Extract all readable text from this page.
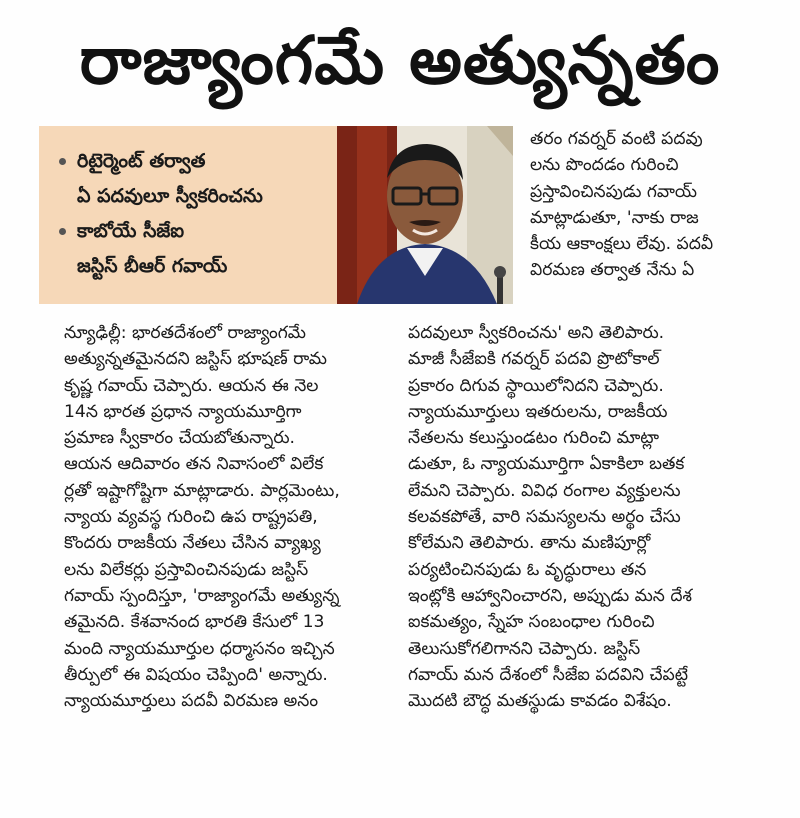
రాజ్యాంగమే అత్యున్నతం
రిటైర్మెంట్ తర్వాత
ఏ పదవులూ స్వీకరించను
కాబోయే సీజేఐ
జస్టిస్ బీఆర్ గవాయ్
తరం గవర్నర్ వంటి పదవు
లను పొందడం గురించి
ప్రస్తావించినపుడు గవాయ్
మాట్లాడుతూ, 'నాకు రాజ
కీయ ఆకాంక్షలు లేవు. పదవీ
విరమణ తర్వాత నేను ఏ
న్యూఢిల్లీ: భారతదేశంలో రాజ్యాంగమే
అత్యున్నతమైనదని జస్టిస్ భూషణ్ రామ
కృష్ణ గవాయ్ చెప్పారు. ఆయన ఈ నెల
14న భారత ప్రధాన న్యాయమూర్తిగా
ప్రమాణ స్వీకారం చేయబోతున్నారు.
ఆయన ఆదివారం తన నివాసంలో విలేక
ర్లతో ఇష్టాగోష్టిగా మాట్లాడారు. పార్లమెంటు,
న్యాయ వ్యవస్థ గురించి ఉప రాష్ట్రపతి,
కొందరు రాజకీయ నేతలు చేసిన వ్యాఖ్య
లను విలేకర్లు ప్రస్తావించినపుడు జస్టిస్
గవాయ్ స్పందిస్తూ, 'రాజ్యాంగమే అత్యున్న
తమైనది. కేశవానంద భారతి కేసులో 13
మంది న్యాయమూర్తుల ధర్మాసనం ఇచ్చిన
తీర్పులో ఈ విషయం చెప్పింది' అన్నారు.
న్యాయమూర్తులు పదవీ విరమణ అనం
పదవులూ స్వీకరించను' అని తెలిపారు.
మాజీ సీజేఐకి గవర్నర్ పదవి ప్రొటోకాల్
ప్రకారం దిగువ స్థాయిలోనిదని చెప్పారు.
న్యాయమూర్తులు ఇతరులను, రాజకీయ
నేతలను కలుస్తుండటం గురించి మాట్లా
డుతూ, ఓ న్యాయమూర్తిగా ఏకాకిలా బతక
లేమని చెప్పారు. వివిధ రంగాల వ్యక్తులను
కలవకపోతే, వారి సమస్యలను అర్థం చేసు
కోలేమని తెలిపారు. తాను మణిపూర్లో
పర్యటించినపుడు ఓ వృద్ధురాలు తన
ఇంట్లోకి ఆహ్వానించారని, అప్పుడు మన దేశ
ఐకమత్యం, స్నేహ సంబంధాల గురించి
తెలుసుకోగలిగానని చెప్పారు. జస్టిస్
గవాయ్ మన దేశంలో సీజేఐ పదవిని చేపట్టే
మొదటి బౌద్ధ మతస్థుడు కావడం విశేషం.
